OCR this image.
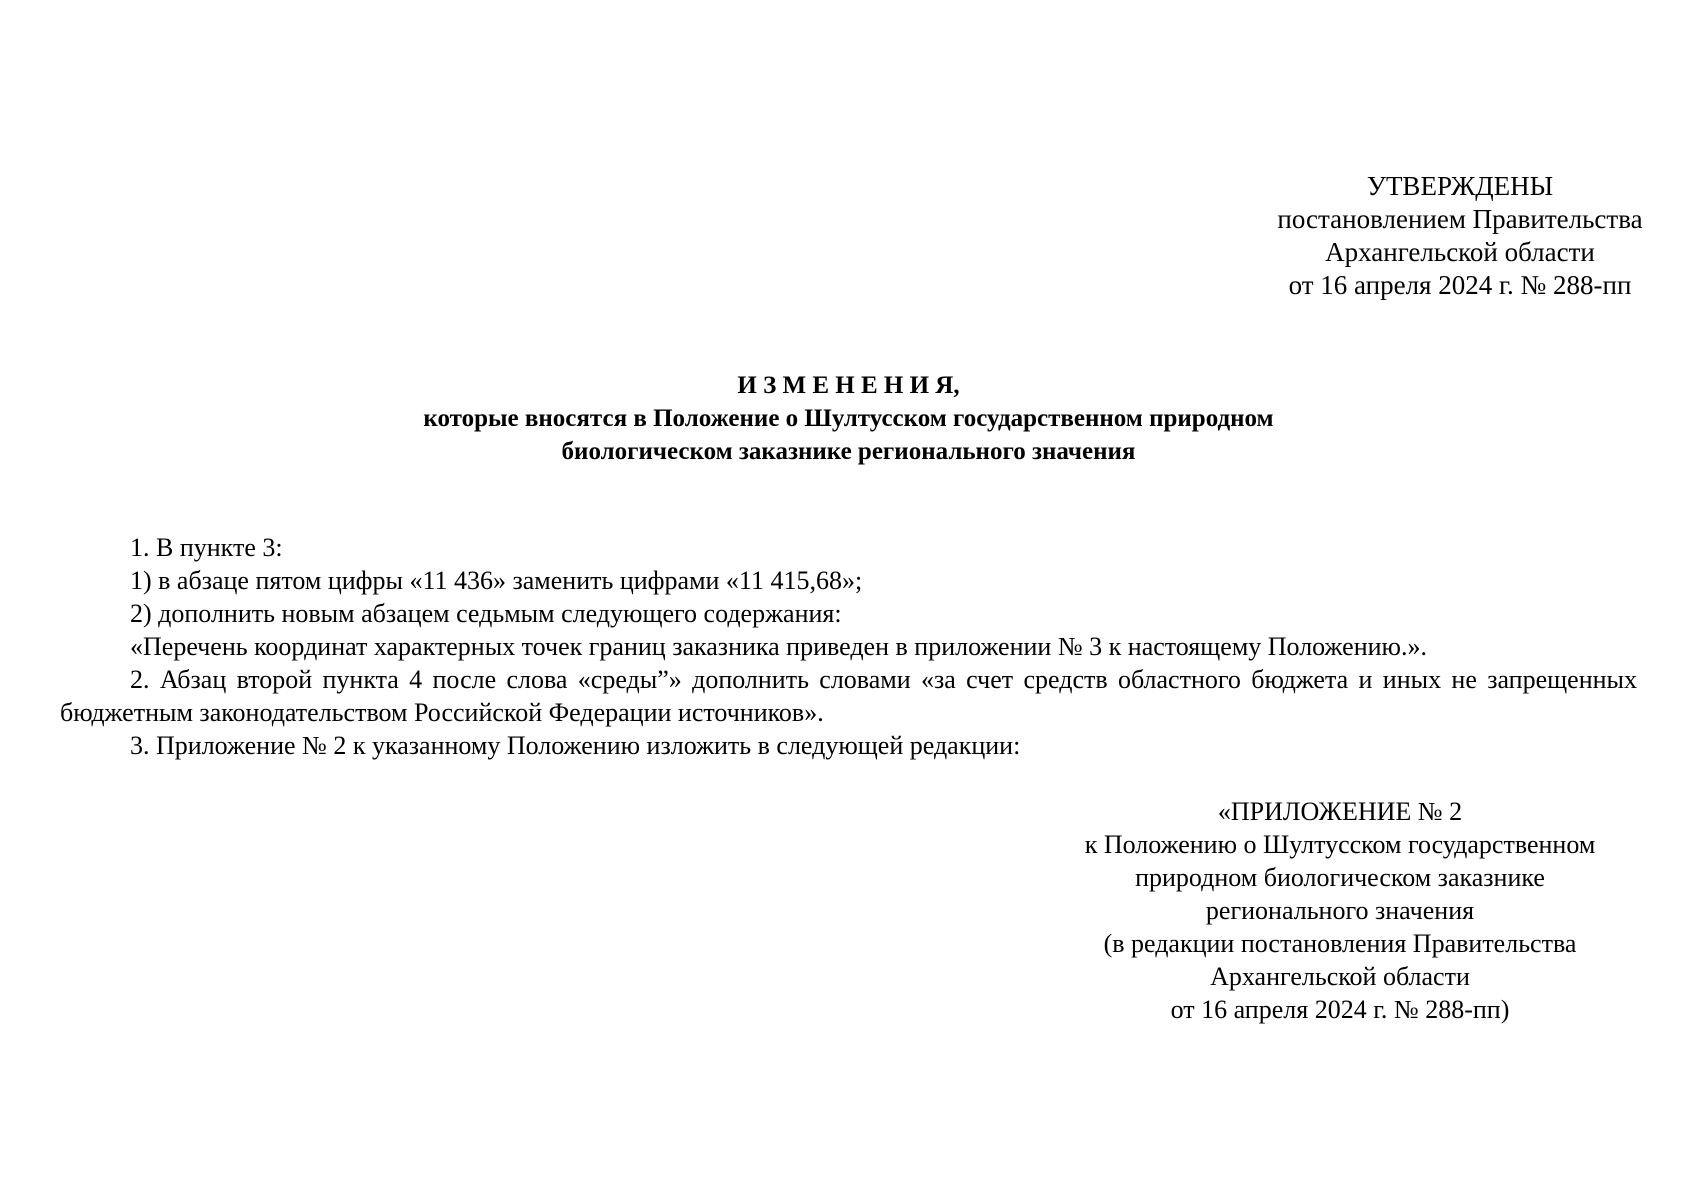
УТВЕРЖДЕНЫ
постановлением Правительства
Архангельской области
от 16 апреля 2024 г. № 288-пп
И З М Е Н Е Н И Я,
которые вносятся в Положение о Шултусском государственном природном
биологическом заказнике регионального значения
1. В пункте 3:
1) в абзаце пятом цифры «11 436» заменить цифрами «11 415,68»;
2) дополнить новым абзацем седьмым следующего содержания:
«Перечень координат характерных точек границ заказника приведен в приложении № 3 к настоящему Положению.».
2. Абзац второй пункта 4 после слова «среды”» дополнить словами «за счет средств областного бюджета и иных не запрещенных бюджетным законодательством Российской Федерации источников».
3. Приложение № 2 к указанному Положению изложить в следующей редакции:
«ПРИЛОЖЕНИЕ № 2
к Положению о Шултусском государственном
природном биологическом заказнике
регионального значения
(в редакции постановления Правительства
Архангельской области
от 16 апреля 2024 г. № 288-пп)
